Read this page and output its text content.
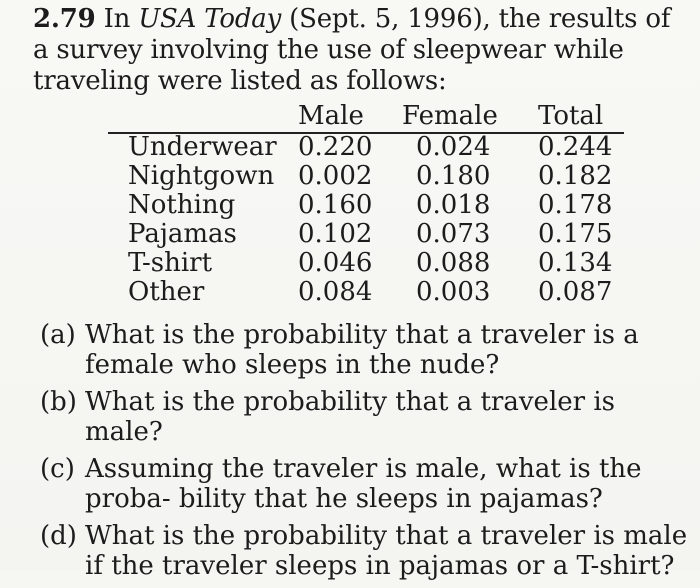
2.79 In USA Today (Sept. 5, 1996), the results of a survey involving the use of sleepwear while traveling were listed as follows:
Male Female Total
Underwear 0.220 0.024 0.244
Nightgown 0.002 0.180 0.182
Nothing 0.160 0.018 0.178
Pajamas 0.102 0.073 0.175
T-shirt	0.046 0.088 0.134
Other	0.084 0.003 0.087
(a) What is the probability that a traveler is a female who sleeps in the nude?
(b) What is the probability that a traveler is male?
(c) Assuming the traveler is male, what is the proba- bility that he sleeps in pajamas?
(d) What is the probability that a traveler is male if the traveler sleeps in pajamas or a T-shirt?
